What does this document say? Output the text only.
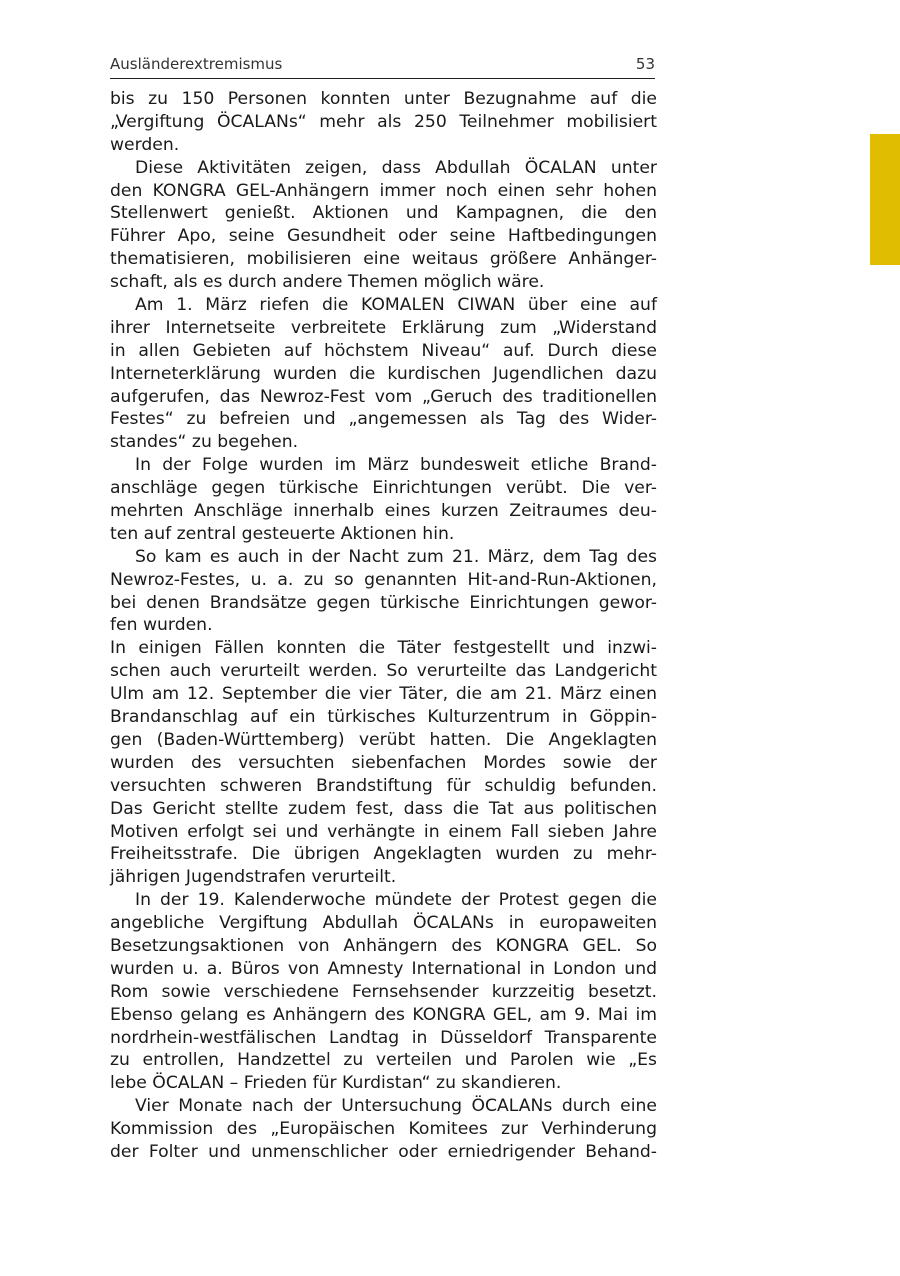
Ausländerextremismus	53
bis zu 150 Personen konnten unter Bezugnahme auf die
„Vergiftung ÖCALANs“ mehr als 250 Teilnehmer mobilisiert
werden.
Diese Aktivitäten zeigen, dass Abdullah ÖCALAN unter
den KONGRA GEL-Anhängern immer noch einen sehr hohen
Stellenwert genießt. Aktionen und Kampagnen, die den
Führer Apo, seine Gesundheit oder seine Haftbedingungen
thematisieren, mobilisieren eine weitaus größere Anhänger-
schaft, als es durch andere Themen möglich wäre.
Am 1. März riefen die KOMALEN CIWAN über eine auf
ihrer Internetseite verbreitete Erklärung zum „Widerstand
in allen Gebieten auf höchstem Niveau“ auf. Durch diese
Interneterklärung wurden die kurdischen Jugendlichen dazu
aufgerufen, das Newroz-Fest vom „Geruch des traditionellen
Festes“ zu befreien und „angemessen als Tag des Wider-
standes“ zu begehen.
In der Folge wurden im März bundesweit etliche Brand-
anschläge gegen türkische Einrichtungen verübt. Die ver-
mehrten Anschläge innerhalb eines kurzen Zeitraumes deu-
ten auf zentral gesteuerte Aktionen hin.
So kam es auch in der Nacht zum 21. März, dem Tag des
Newroz-Festes, u. a. zu so genannten Hit-and-Run-Aktionen,
bei denen Brandsätze gegen türkische Einrichtungen gewor-
fen wurden.
In einigen Fällen konnten die Täter festgestellt und inzwi-
schen auch verurteilt werden. So verurteilte das Landgericht
Ulm am 12. September die vier Täter, die am 21. März einen
Brandanschlag auf ein türkisches Kulturzentrum in Göppin-
gen (Baden-Württemberg) verübt hatten. Die Angeklagten
wurden des versuchten siebenfachen Mordes sowie der
versuchten schweren Brandstiftung für schuldig befunden.
Das Gericht stellte zudem fest, dass die Tat aus politischen
Motiven erfolgt sei und verhängte in einem Fall sieben Jahre
Freiheitsstrafe. Die übrigen Angeklagten wurden zu mehr-
jährigen Jugendstrafen verurteilt.
In der 19. Kalenderwoche mündete der Protest gegen die
angebliche Vergiftung Abdullah ÖCALANs in europaweiten
Besetzungsaktionen von Anhängern des KONGRA GEL. So
wurden u. a. Büros von Amnesty International in London und
Rom sowie verschiedene Fernsehsender kurzzeitig besetzt.
Ebenso gelang es Anhängern des KONGRA GEL, am 9. Mai im
nordrhein-westfälischen Landtag in Düsseldorf Transparente
zu entrollen, Handzettel zu verteilen und Parolen wie „Es
lebe ÖCALAN – Frieden für Kurdistan“ zu skandieren.
Vier Monate nach der Untersuchung ÖCALANs durch eine
Kommission des „Europäischen Komitees zur Verhinderung
der Folter und unmenschlicher oder erniedrigender Behand-
